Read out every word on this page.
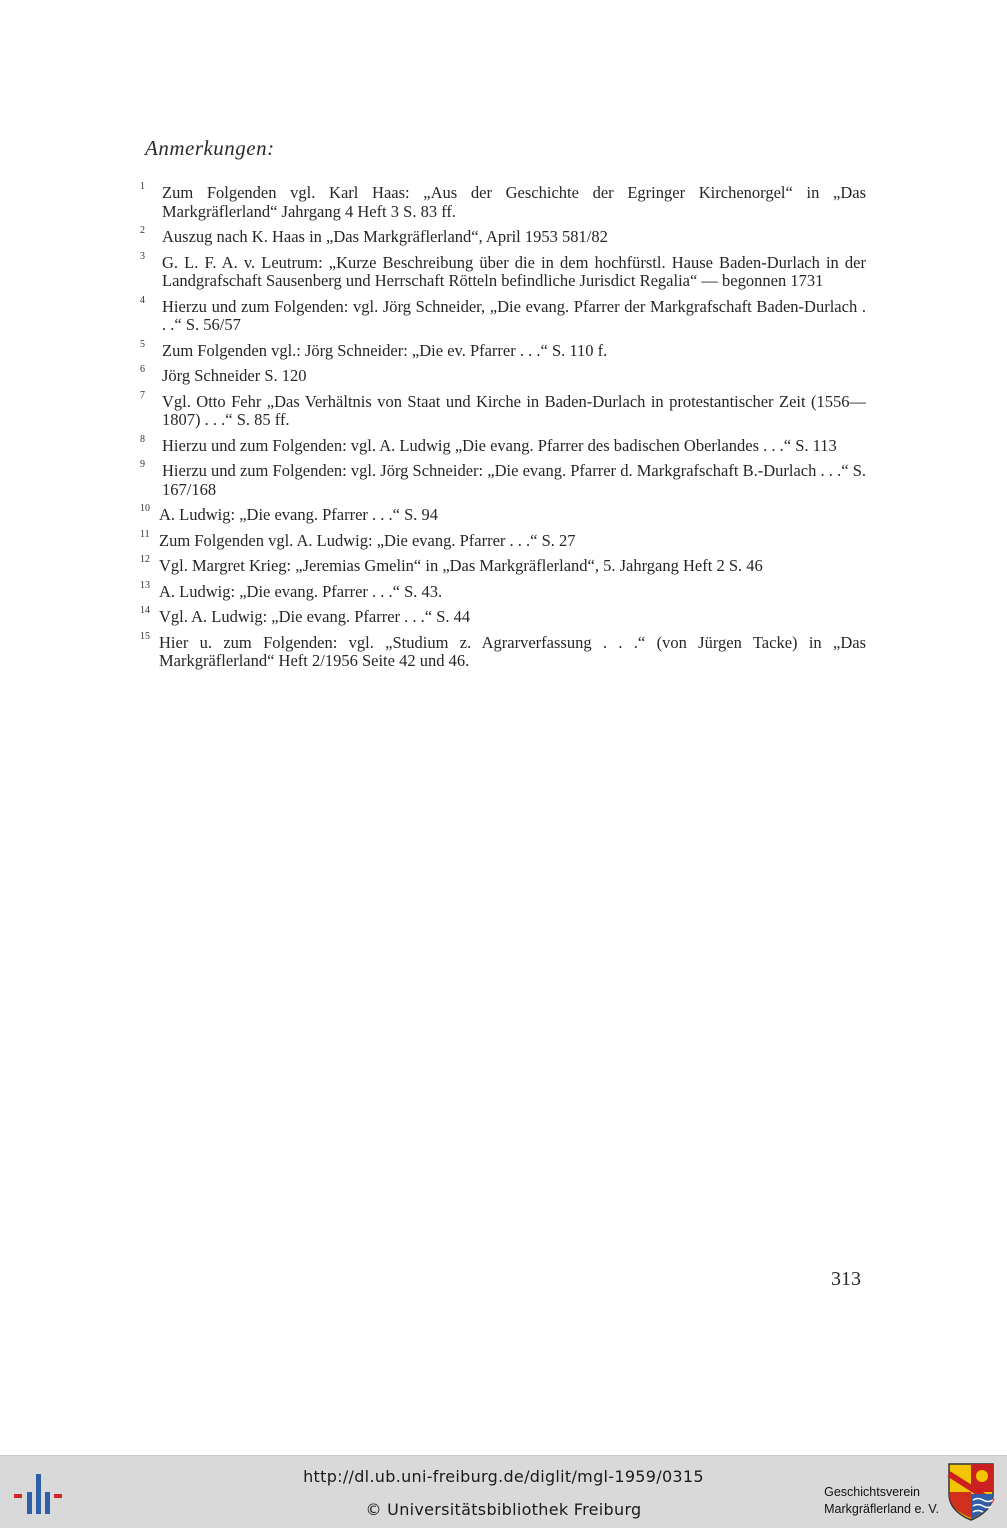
Anmerkungen:
1 Zum Folgenden vgl. Karl Haas: „Aus der Geschichte der Egringer Kirchenorgel“ in „Das Markgräflerland“ Jahrgang 4 Heft 3 S. 83 ff.
2 Auszug nach K. Haas in „Das Markgräflerland“, April 1953 581/82
3 G. L. F. A. v. Leutrum: „Kurze Beschreibung über die in dem hochfürstl. Hause Baden-Durlach in der Landgrafschaft Sausenberg und Herrschaft Rötteln befindliche Jurisdict Regalia“ — begonnen 1731
4 Hierzu und zum Folgenden: vgl. Jörg Schneider, „Die evang. Pfarrer der Markgrafschaft Baden-Durlach . . .“ S. 56/57
5 Zum Folgenden vgl.: Jörg Schneider: „Die ev. Pfarrer . . .“ S. 110 f.
6 Jörg Schneider S. 120
7 Vgl. Otto Fehr „Das Verhältnis von Staat und Kirche in Baden-Durlach in protestantischer Zeit (1556—1807) . . .“ S. 85 ff.
8 Hierzu und zum Folgenden: vgl. A. Ludwig „Die evang. Pfarrer des badischen Oberlandes . . .“ S. 113
9 Hierzu und zum Folgenden: vgl. Jörg Schneider: „Die evang. Pfarrer d. Markgrafschaft B.-Durlach . . .“ S. 167/168
10 A. Ludwig: „Die evang. Pfarrer . . .“ S. 94
11 Zum Folgenden vgl. A. Ludwig: „Die evang. Pfarrer . . .“ S. 27
12 Vgl. Margret Krieg: „Jeremias Gmelin“ in „Das Markgräflerland“, 5. Jahrgang Heft 2 S. 46
13 A. Ludwig: „Die evang. Pfarrer . . .“ S. 43.
14 Vgl. A. Ludwig: „Die evang. Pfarrer . . .“ S. 44
15 Hier u. zum Folgenden: vgl. „Studium z. Agrarverfassung . . .“ (von Jürgen Tacke) in „Das Markgräflerland“ Heft 2/1956 Seite 42 und 46.
313
http://dl.ub.uni-freiburg.de/diglit/mgl-1959/0315
© Universitätsbibliothek Freiburg
Geschichtsverein
Markgräflerland e. V.
